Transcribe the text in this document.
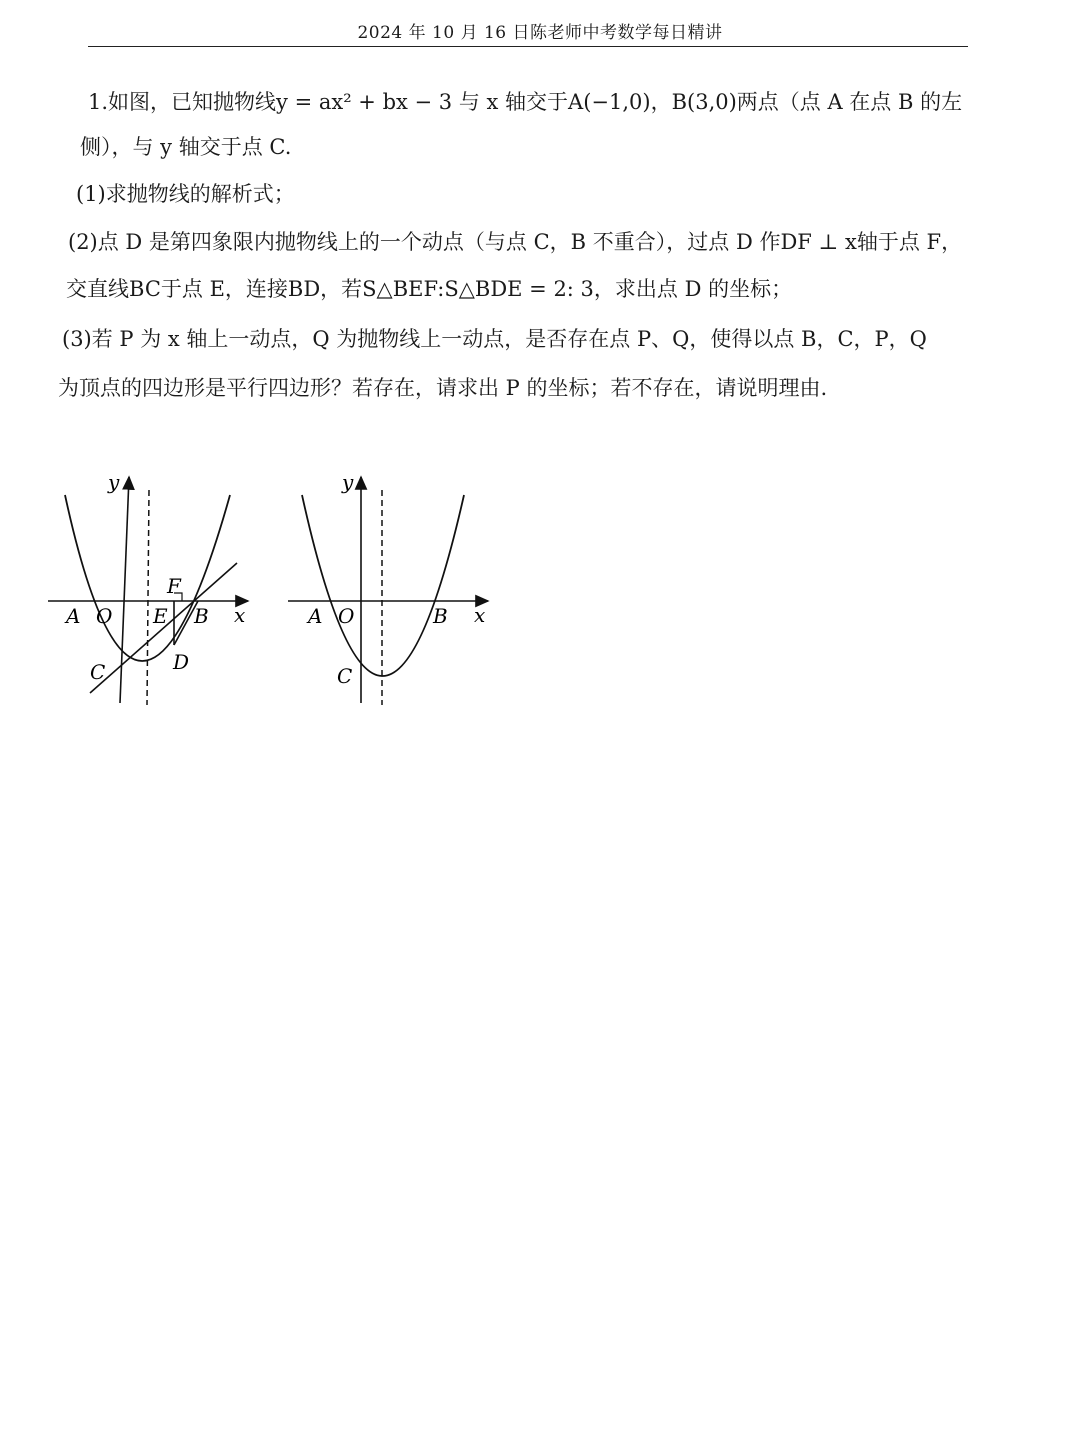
2024 年 10 月 16 日陈老师中考数学每日精讲
1.如图，已知抛物线y = ax² + bx − 3 与 x 轴交于A(−1,0)，B(3,0)两点（点 A 在点 B 的左
侧），与 y 轴交于点 C.
(1)求抛物线的解析式；
(2)点 D 是第四象限内抛物线上的一个动点（与点 C，B 不重合），过点 D 作DF ⊥ x轴于点 F，
交直线BC于点 E，连接BD，若S△BEF:S△BDE = 2: 3，求出点 D 的坐标；
(3)若 P 为 x 轴上一动点，Q 为抛物线上一动点，是否存在点 P、Q，使得以点 B，C，P，Q
为顶点的四边形是平行四边形？若存在，请求出 P 的坐标；若不存在，请说明理由.
y
x
A O E
F
B
C	D
y
x
A O	B
C
